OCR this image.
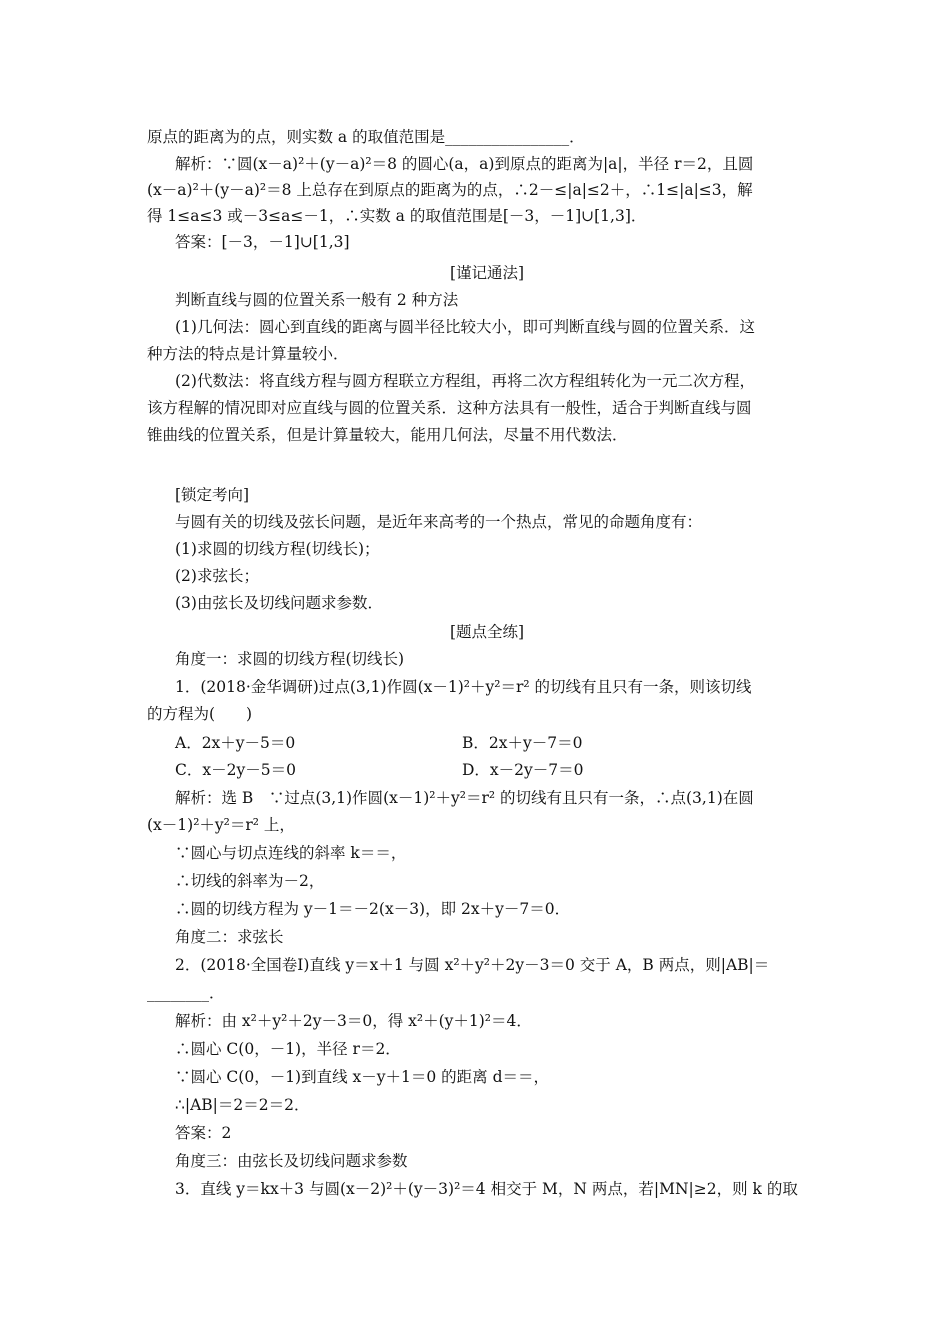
原点的距离为的点，则实数 a 的取值范围是________________．
解析：∵圆(x－a)²＋(y－a)²＝8 的圆心(a，a)到原点的距离为|a|，半径 r＝2，且圆
(x－a)²＋(y－a)²＝8 上总存在到原点的距离为的点，∴2－≤|a|≤2＋，∴1≤|a|≤3，解
得 1≤a≤3 或－3≤a≤－1，∴实数 a 的取值范围是[－3，－1]∪[1,3]．
答案：[－3，－1]∪[1,3]
[谨记通法]
判断直线与圆的位置关系一般有 2 种方法
(1)几何法：圆心到直线的距离与圆半径比较大小，即可判断直线与圆的位置关系．这
种方法的特点是计算量较小．
(2)代数法：将直线方程与圆方程联立方程组，再将二次方程组转化为一元二次方程，
该方程解的情况即对应直线与圆的位置关系．这种方法具有一般性，适合于判断直线与圆
锥曲线的位置关系，但是计算量较大，能用几何法，尽量不用代数法．
[锁定考向]
与圆有关的切线及弦长问题，是近年来高考的一个热点，常见的命题角度有：
(1)求圆的切线方程(切线长)；
(2)求弦长；
(3)由弦长及切线问题求参数．
[题点全练]
角度一：求圆的切线方程(切线长)
1．(2018·金华调研)过点(3,1)作圆(x－1)²＋y²＝r² 的切线有且只有一条，则该切线
的方程为(　　)
A．2x＋y－5＝0	B．2x＋y－7＝0
C．x－2y－5＝0	D．x－2y－7＝0
解析：选 B　∵过点(3,1)作圆(x－1)²＋y²＝r² 的切线有且只有一条，∴点(3,1)在圆
(x－1)²＋y²＝r² 上，
∵圆心与切点连线的斜率 k＝＝，
∴切线的斜率为－2，
∴圆的切线方程为 y－1＝－2(x－3)，即 2x＋y－7＝0．
角度二：求弦长
2．(2018·全国卷Ⅰ)直线 y＝x＋1 与圆 x²＋y²＋2y－3＝0 交于 A，B 两点，则|AB|＝
________．
解析：由 x²＋y²＋2y－3＝0，得 x²＋(y＋1)²＝4．
∴圆心 C(0，－1)，半径 r＝2．
∵圆心 C(0，－1)到直线 x－y＋1＝0 的距离 d＝＝，
∴|AB|＝2＝2＝2．
答案：2
角度三：由弦长及切线问题求参数
3．直线 y＝kx＋3 与圆(x－2)²＋(y－3)²＝4 相交于 M，N 两点，若|MN|≥2，则 k 的取
